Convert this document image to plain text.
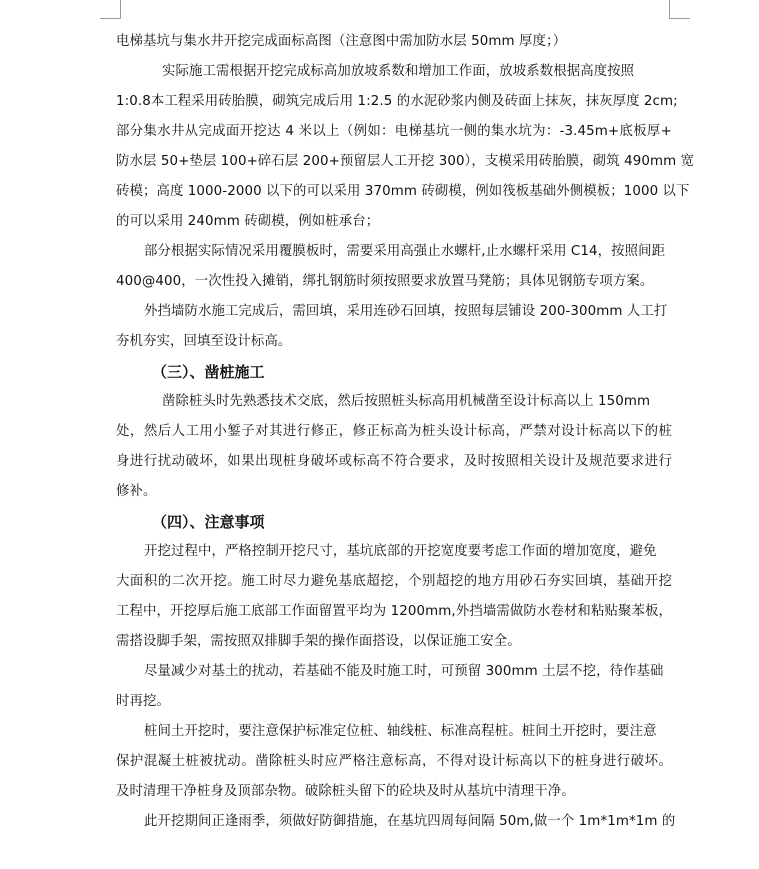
电梯基坑与集水井开挖完成面标高图（注意图中需加防水层 50mm 厚度；）

实际施工需根据开挖完成标高加放坡系数和增加工作面，放坡系数根据高度按照

1:0.8本工程采用砖胎膜，砌筑完成后用 1:2.5 的水泥砂浆内侧及砖面上抹灰，抹灰厚度 2cm;

部分集水井从完成面开挖达 4 米以上（例如：电梯基坑一侧的集水坑为：-3.45m+底板厚+

防水层 50+垫层 100+碎石层 200+预留层人工开挖 300），支模采用砖胎膜，砌筑 490mm 宽

砖模；高度 1000-2000 以下的可以采用 370mm 砖砌模，例如筏板基础外侧模板；1000 以下

的可以采用 240mm 砖砌模，例如桩承台；

部分根据实际情况采用覆膜板时，需要采用高强止水螺杆,止水螺杆采用 C14，按照间距

400@400，一次性投入摊销，绑扎钢筋时须按照要求放置马凳筋；具体见钢筋专项方案。

外挡墙防水施工完成后，需回填，采用连砂石回填，按照每层铺设 200-300mm 人工打

夯机夯实，回填至设计标高。

（三）、凿桩施工

凿除桩头时先熟悉技术交底，然后按照桩头标高用机械凿至设计标高以上 150mm

处，然后人工用小錾子对其进行修正，修正标高为桩头设计标高，严禁对设计标高以下的桩

身进行扰动破坏，如果出现桩身破坏或标高不符合要求，及时按照相关设计及规范要求进行

修补。

（四）、注意事项

开挖过程中，严格控制开挖尺寸，基坑底部的开挖宽度要考虑工作面的增加宽度，避免

大面积的二次开挖。施工时尽力避免基底超挖，个别超挖的地方用砂石夯实回填，基础开挖

工程中，开挖厚后施工底部工作面留置平均为 1200mm,外挡墙需做防水卷材和粘贴聚苯板，

需搭设脚手架，需按照双排脚手架的操作面搭设，以保证施工安全。

尽量减少对基土的扰动，若基础不能及时施工时，可预留 300mm 土层不挖，待作基础

时再挖。

桩间土开挖时，要注意保护标准定位桩、轴线桩、标准高程桩。桩间土开挖时，要注意

保护混凝土桩被扰动。凿除桩头时应严格注意标高，不得对设计标高以下的桩身进行破坏。

及时清理干净桩身及顶部杂物。破除桩头留下的砼块及时从基坑中清理干净。

此开挖期间正逢雨季，须做好防御措施，在基坑四周每间隔 50m,做一个 1m*1m*1m 的
